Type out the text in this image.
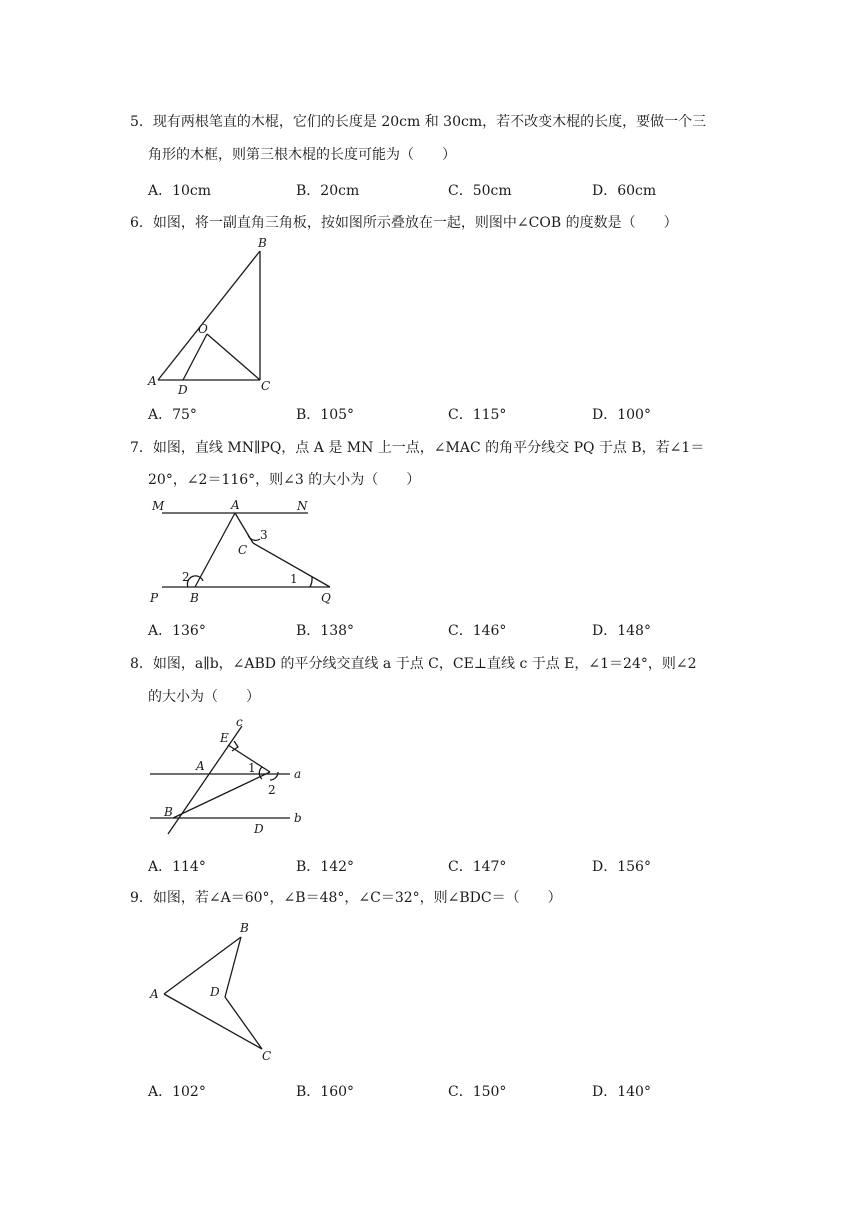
5．现有两根笔直的木棍，它们的长度是 20cm 和 30cm，若不改变木棍的长度，要做一个三
角形的木框，则第三根木棍的长度可能为（　　）
A．10cm	B．20cm	C．50cm	D．60cm
6．如图，将一副直角三角板，按如图所示叠放在一起，则图中∠COB 的度数是（　　）
B
O
A
D	C
A．75°	B．105°	C．115°	D．100°
7．如图，直线 MN∥PQ，点 A 是 MN 上一点，∠MAC 的角平分线交 PQ 于点 B，若∠1＝
20°，∠2＝116°，则∠3 的大小为（　　）
M	A	N
C
3
2	1
P	B	Q
A．136°	B．138°	C．146°	D．148°
8．如图，a∥b，∠ABD 的平分线交直线 a 于点 C，CE⊥直线 c 于点 E，∠1＝24°，则∠2
的大小为（　　）
c
E
A	1	a
2
B
D
b
A．114°	B．142°	C．147°	D．156°
9．如图，若∠A＝60°，∠B＝48°，∠C＝32°，则∠BDC＝（　　）
B
A	D
C
A．102°	B．160°	C．150°	D．140°
